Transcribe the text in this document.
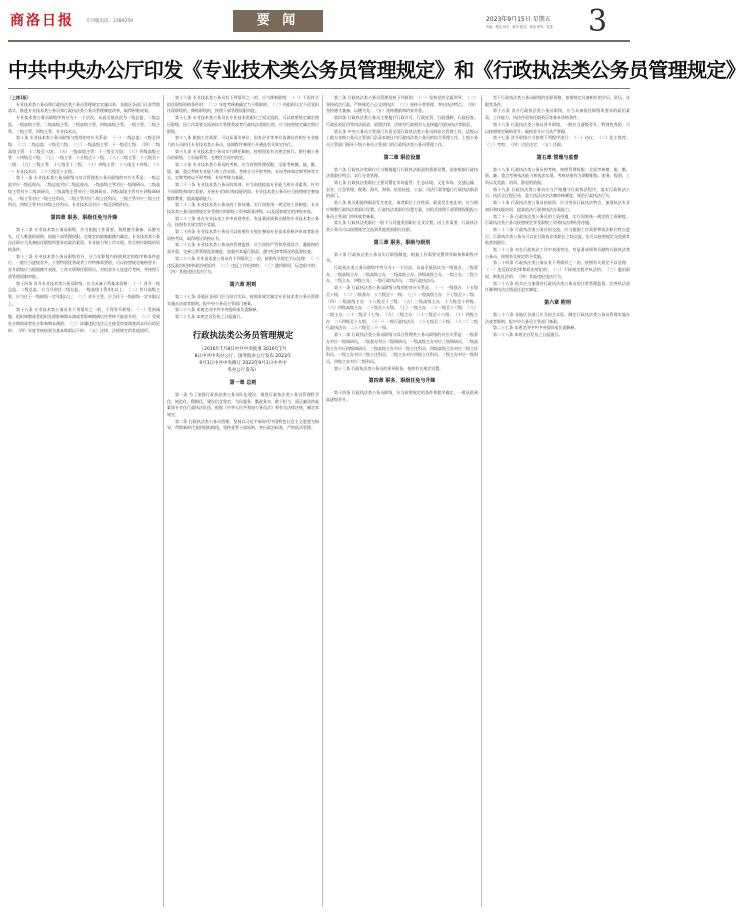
商洛日报	专刊服电话：2389259	要 闻	2023年9月15日 星期五
责编：程浩 校对：解芳 版式：杨岚 审签：张进 3
中共中央办公厅印发《专业技术类公务员管理规定》和《行政执法类公务员管理规定》

（上接1版）

专业技术类公务员和行政执法类公务员管理规定实施以来，各地区各部门认真贯彻落实，推进专业技术类公务员和行政执法类公务员管理制度改革，取得积极成效。

专业技术类公务员职级序列分为十一个层次，从高至低依次为一级总监、二级总监、一级高级主管、二级高级主管、三级高级主管、四级高级主管、一级主管、二级主管、三级主管、四级主管、专业技术员。

第十条 专业技术类公务员职级与级别的对应关系是：（一）一级总监：八级至四级；（二）二级总监：十级至六级；（三）一级高级主管：十一级至七级；（四）二级高级主管：十二级至八级；（五）三级高级主管：十三级至九级；（六）四级高级主管：十四级至十级；（七）一级主管：十五级至十一级；（八）二级主管：十六级至十二级；（九）三级主管：十七级至十三级；（十）四级主管：十八级至十四级；（十一）专业技术员：二十六级至十五级。

第十一条 专业技术类公务员职级与综合管理类公务员职级的对应关系是：一级总监对应一级巡视员，二级总监对应二级巡视员，一级高级主管对应一级调研员，二级高级主管对应二级调研员，三级高级主管对应三级调研员，四级高级主管对应四级调研员，一级主管对应一级主任科员，二级主管对应二级主任科员，三级主管对应三级主任科员，四级主管对应四级主任科员，专业技术员对应一级至四级科员。

第四章 职务、职级任免与升降

第十二条 专业技术类公务员职级，应当根据工作需要，按照德才兼备、以德为先、任人唯贤的原则，依据干部管理权限，在规定的职数限额内确定。专业技术类公务员任职应当具备拟任职级所要求的政治素质、专业能力和工作实绩，符合相应职级的资格条件。

第十三条 专业技术类公务员职级晋升，应当在职数内按照规定的程序和条件进行，一般应当逐级晋升。个别特别优秀或者工作特殊需要的，可以按照规定破格晋升。晋升职级应当根据德才表现、工作实绩和任职资历，对拟晋升人选进行考核，并按照干部管理权限审批。

第十四条 晋升专业技术类公务员职级，应当具备下列基本资格：（一）晋升一级总监、二级总监，应当分别任二级总监、一级高级主管4年以上；（二）晋升高级主管，应当任下一级职级一定年限以上；（三）晋升主管，应当任下一级职级一定年限以上。

第十五条 专业技术类公务员有下列情形之一的，不得晋升职级：（一）受到诫勉、组织调整或者组织处理影响期未满或者影响期满后经考核不能晋升的；（二）受到处分期间或者处分影响期未满的；（三）涉嫌违纪违法正在接受审查调查尚未作出结论的；（四）年度考核结果为基本称职以下的；（五）法律、法规规定的其他情形。

第十六条 专业技术类公务员有下列情形之一的，应当降低职级：（一）不再符合拟任职级资格条件的；（二）年度考核被确定为不称职的；（三）经组织认定不适宜担任现职级的。降低职级的，按照干部管理权限审批。

第十七条 专业技术类公务员在专业技术类职位之间交流的，可以按照规定确定相应职级；因工作需要交流到综合管理类或者行政执法类职位的，应当按照规定确定相应职级。

第十八条 根据工作需要，可以从事业单位、国有企业等单位选调具有相应专业能力的人员担任专业技术类公务员。选调程序参照公开遴选有关规定执行。

第十九条 专业技术类公务员实行聘任制的，按照国家有关规定执行。聘任制公务员的职级、工资福利等，在聘任合同中约定。

第二十条 专业技术类公务员的考核，应当按照管理权限，全面考核德、能、勤、绩、廉，重点考核专业能力和工作实绩。考核分为平时考核、专项考核和定期考核等方式，定期考核以平时考核、专项考核为基础。

第二十一条 专业技术类公务员的培训，应当围绕提高专业能力和专业素养，针对不同职级和岗位需要，开展专业知识和技能培训。专业技术类公务员应当按照规定参加继续教育，提高履职能力。

第二十二条 专业技术类公务员的工资待遇，实行国家统一规定的工资制度。专业技术类公务员按照规定享受相应的职级工资和职务津贴，以及国家规定的津贴补贴。

第二十三条 对在专业技术工作中表现突出、有显著成绩和贡献的专业技术类公务员，按照有关规定给予奖励。

第二十四条 专业技术类公务员可以按照有关规定参加专业技术资格评审或者职业资格考试，取得相应资格证书。

第二十五条 专业技术类公务员的管理监督，应当坚持严管和厚爱结合、激励和约束并重，完善日常管理监督制度，加强对其履行职责、遵守纪律等情况的监督检查。

第二十六条 专业技术类公务员有下列情形之一的，按照有关规定予以处理：（一）违反政治纪律和政治规矩的；（二）违反工作纪律的；（三）滥用职权、玩忽职守的；（四）其他违纪违法行为。

第六章 附则

第二十七条 各地区各部门应当结合实际，按照本规定制定专业技术类公务员管理实施办法或者细则，报中央公务员主管部门备案。

第二十八条 本规定由中共中央组织部负责解释。

第二十九条 本规定自发布之日起施行。

行政执法类公务员管理规定

（2016年7月8日中共中央批准 2016年7月

8日中共中央办公厅、国务院办公厅发布 2023年

9月1日中共中央修订 2023年9月1日中共中

央办公厅发布）

第一章 总则

第一条 为了加强行政执法类公务员队伍建设，推进行政执法类公务员管理科学化、规范化、精细化，建设信念坚定、为民服务、勤政务实、敢于担当、清正廉洁的高素质专业化行政执法队伍，根据《中华人民共和国公务员法》和有关法律法规，制定本规定。

第二条 行政执法类公务员管理，坚持以习近平新时代中国特色社会主义思想为指导，贯彻新时代党的组织路线，坚持党管干部原则，突出政治标准，严格依法管理。

第三条 行政执法类公务员管理坚持下列原则：（一）坚持党的全面领导；（二）坚持依法行政、严格规范公正文明执法；（三）坚持分类管理、突出执法特点；（四）坚持德才兼备、以德为先；（五）坚持激励和约束并重。

第四条 行政执法类公务员主要履行行政许可、行政处罚、行政强制、行政检查、行政征收征用等执法职责，依照法律、法规对行政相对人直接履行现场执法等职责。

第五条 中央公务员主管部门负责全国行政执法类公务员的综合管理工作。县级以上地方各级公务员主管部门负责本辖区内行政执法类公务员的综合管理工作。上级公务员主管部门指导下级公务员主管部门的行政执法类公务员管理工作。

第二章 职位设置

第六条 行政执法类职位应当根据履行行政执法职责的需要设置。国家根据行政执法类职位特点，实行分类管理。

第七条 行政执法类职位主要设置在市场监管、生态环境、文化市场、交通运输、农业、应急管理、税务、海关、海事、检验检疫、公安、司法行政等履行行政执法职责的部门。

第八条 机关职能和职责发生变化，或者职位工作性质、职责发生变化的，应当相应调整行政执法类职位设置。行政执法类职位设置方案，由机关按照干部管理权限报公务员主管部门审核或者备案。

第九条 行政执法类职位一般不与其他类别职位交叉设置。因工作需要，行政执法类公务员可以按照规定交流到其他类别职位任职。

第三章 职务、职级与级别

第十条 行政执法类公务员实行职级制度，根据工作需要设置领导职务和职级序列。

行政执法类公务员职级序列分为十一个层次，从高至低依次为一级督办、二级督办、一级高级主办、二级高级主办、三级高级主办、四级高级主办、一级主办、二级主办、三级主办、四级主办、一级行政执法员、二级行政执法员。

第十一条 行政执法类公务员职级与级别的对应关系是：（一）一级督办：十五级至十级；（二）二级督办：十六级至十一级；（三）一级高级主办：十七级至十二级；（四）二级高级主办：十八级至十三级；（五）三级高级主办：十九级至十四级；（六）四级高级主办：二十级至十五级；（七）一级主办：二十一级至十六级；（八）二级主办：二十二级至十七级；（九）三级主办：二十三级至十八级；（十）四级主办：二十四级至十九级；（十一）一级行政执法员：二十五级至二十级；（十二）二级行政执法员：二十六级至二十一级。

第十二条 行政执法类公务员职级与综合管理类公务员职级的对应关系是：一级督办对应一级调研员，二级督办对应二级调研员，一级高级主办对应三级调研员，二级高级主办对应四级调研员，三级高级主办对应一级主任科员，四级高级主办对应二级主任科员，一级主办对应三级主任科员，二级主办对应四级主任科员，三级主办对应一级科员，四级主办对应二级科员。

第十三条 行政执法类公务员的领导职务，按照有关规定设置。

第四章 职务、职级任免与升降

第十四条 行政执法类公务员职级，应当按照规定的条件和程序确定，一般从低到高逐级晋升。

有下行政执法类公务员职级的任职资格，按照规定具备相应的学历、资历、年限等条件。

第十五条 晋升行政执法类公务员职级，应当具备拟任职级所要求的政治素质、工作能力、执法经验和任职资历等基本资格条件。

第十六条 行政执法类公务员晋升职级，一般应当逐级晋升。特别优秀的，可以按照规定破格晋升。破格晋升应当从严掌握。

第十七条 晋升职级应当按照下列程序进行：（一）动议；（二）民主推荐；（三）考察；（四）讨论决定；（五）任职。

第五章 管理与监督

第十八条 行政执法类公务员的考核，按照管理权限，全面考核德、能、勤、绩、廉，重点考核执法能力和执法实绩。考核结果作为调整职级、职务、级别、工资以及奖励、培训、辞退的依据。

第十九条 行政执法类公务员应当严格遵守行政执法程序，落实行政执法公示、执法全过程记录、重大执法决定法制审核制度，规范行政执法行为。

第二十条 行政执法类公务员的培训，应当突出行政执法特点，加强执法专业知识和技能培训，提高依法行政和执法办案能力。

第二十一条 行政执法类公务员的工资待遇，实行国家统一规定的工资制度。行政执法类公务员按照规定享受职级工资和执法津贴等待遇。

第二十二条 行政执法类公务员的交流，应当根据工作需要和执法职位特点进行。行政执法类公务员可以在行政执法类职位之间交流，也可以按照规定交流到其他类别职位。

第二十三条 对在行政执法工作中表现突出、有显著成绩和贡献的行政执法类公务员，按照有关规定给予奖励。

第二十四条 行政执法类公务员有下列情形之一的，按照有关规定予以处理：（一）违反政治纪律和政治规矩的；（二）不按规定程序执法的；（三）滥用职权、徇私枉法的；（四）其他违纪违法行为。

第二十五条 机关应当加强对行政执法类公务员的日常管理监督，完善执法责任制和执法过错责任追究制度。

第六章 附则

第二十六条 各地区各部门应当结合实际，制定行政执法类公务员管理实施办法或者细则，报中央公务员主管部门备案。

第二十七条 本规定由中共中央组织部负责解释。

第二十八条 本规定自发布之日起施行。
